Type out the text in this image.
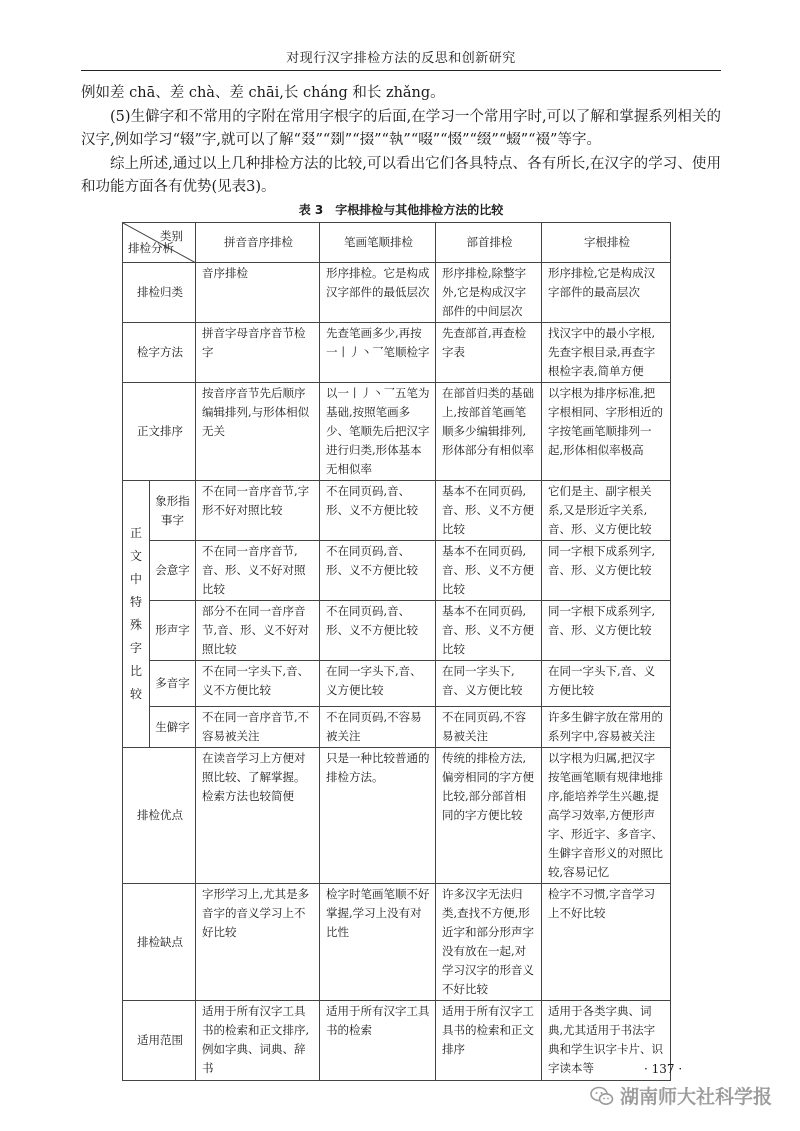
对现行汉字排检方法的反思和创新研究

例如差 chā、差 chà、差 chāi,长 cháng 和长 zhǎng。

(5)生僻字和不常用的字附在常用字根字的后面,在学习一个常用字时,可以了解和掌握系列相关的汉字,例如学习“辍”字,就可以了解“叕”“剟”“掇”“執”“啜”“惙”“缀”“蝃”“裰”等字。

综上所述,通过以上几种排检方法的比较,可以看出它们各具特点、各有所长,在汉字的学习、使用和功能方面各有优势(见表3)。

表 3　字根排检与其他排检方法的比较
类别
排检分析		拼音音序排检	笔画笔顺排检	部首排检	字根排检
排检归类		音序排检	形序排检。它是构成汉字部件的最低层次	形序排检,除整字外,它是构成汉字部件的中间层次	形序排检,它是构成汉字部件的最高层次
检字方法		拼音字母音序音节检字	先查笔画多少,再按一丨丿丶乛笔顺检字	先查部首,再查检字表	找汉字中的最小字根,先查字根目录,再查字根检字表,简单方便
正文排序		按音序音节先后顺序编辑排列,与形体相似无关	以一丨丿丶乛五笔为基础,按照笔画多少、笔顺先后把汉字进行归类,形体基本无相似率	在部首归类的基础上,按部首笔画笔顺多少编辑排列,形体部分有相似率	以字根为排序标准,把字根相同、字形相近的字按笔画笔顺排列一起,形体相似率极高
正文中特殊字比较	象形指事字	不在同一音序音节,字形不好对照比较	不在同页码,音、形、义不方便比较	基本不在同页码,音、形、义不方便比较	它们是主、副字根关系,又是形近字关系,音、形、义方便比较
	会意字	不在同一音序音节,音、形、义不好对照比较	不在同页码,音、形、义不方便比较	基本不在同页码,音、形、义不方便比较	同一字根下成系列字,音、形、义方便比较
	形声字	部分不在同一音序音节,音、形、义不好对照比较	不在同页码,音、形、义不方便比较	基本不在同页码,音、形、义不方便比较	同一字根下成系列字,音、形、义方便比较
	多音字	不在同一字头下,音、义不方便比较	在同一字头下,音、义方便比较	在同一字头下,音、义方便比较	在同一字头下,音、义方便比较
	生僻字	不在同一音序音节,不容易被关注	不在同页码,不容易被关注	不在同页码,不容易被关注	许多生僻字放在常用的系列字中,容易被关注
排检优点		在读音学习上方便对照比较、了解掌握。检索方法也较简便	只是一种比较普通的排检方法。	传统的排检方法,偏旁相同的字方便比较,部分部首相同的字方便比较	以字根为归属,把汉字按笔画笔顺有规律地排序,能培养学生兴趣,提高学习效率,方便形声字、形近字、多音字、生僻字音形义的对照比较,容易记忆
排检缺点		字形学习上,尤其是多音字的音义学习上不好比较	检字时笔画笔顺不好掌握,学习上没有对比性	许多汉字无法归类,查找不方便,形近字和部分形声字没有放在一起,对学习汉字的形音义不好比较	检字不习惯,字音学习上不好比较
适用范围		适用于所有汉字工具书的检索和正文排序,例如字典、词典、辞书	适用于所有汉字工具书的检索	适用于所有汉字工具书的检索和正文排序	适用于各类字典、词典,尤其适用于书法字典和学生识字卡片、识字读本等	· 137 ·
湖南师大社科学报
